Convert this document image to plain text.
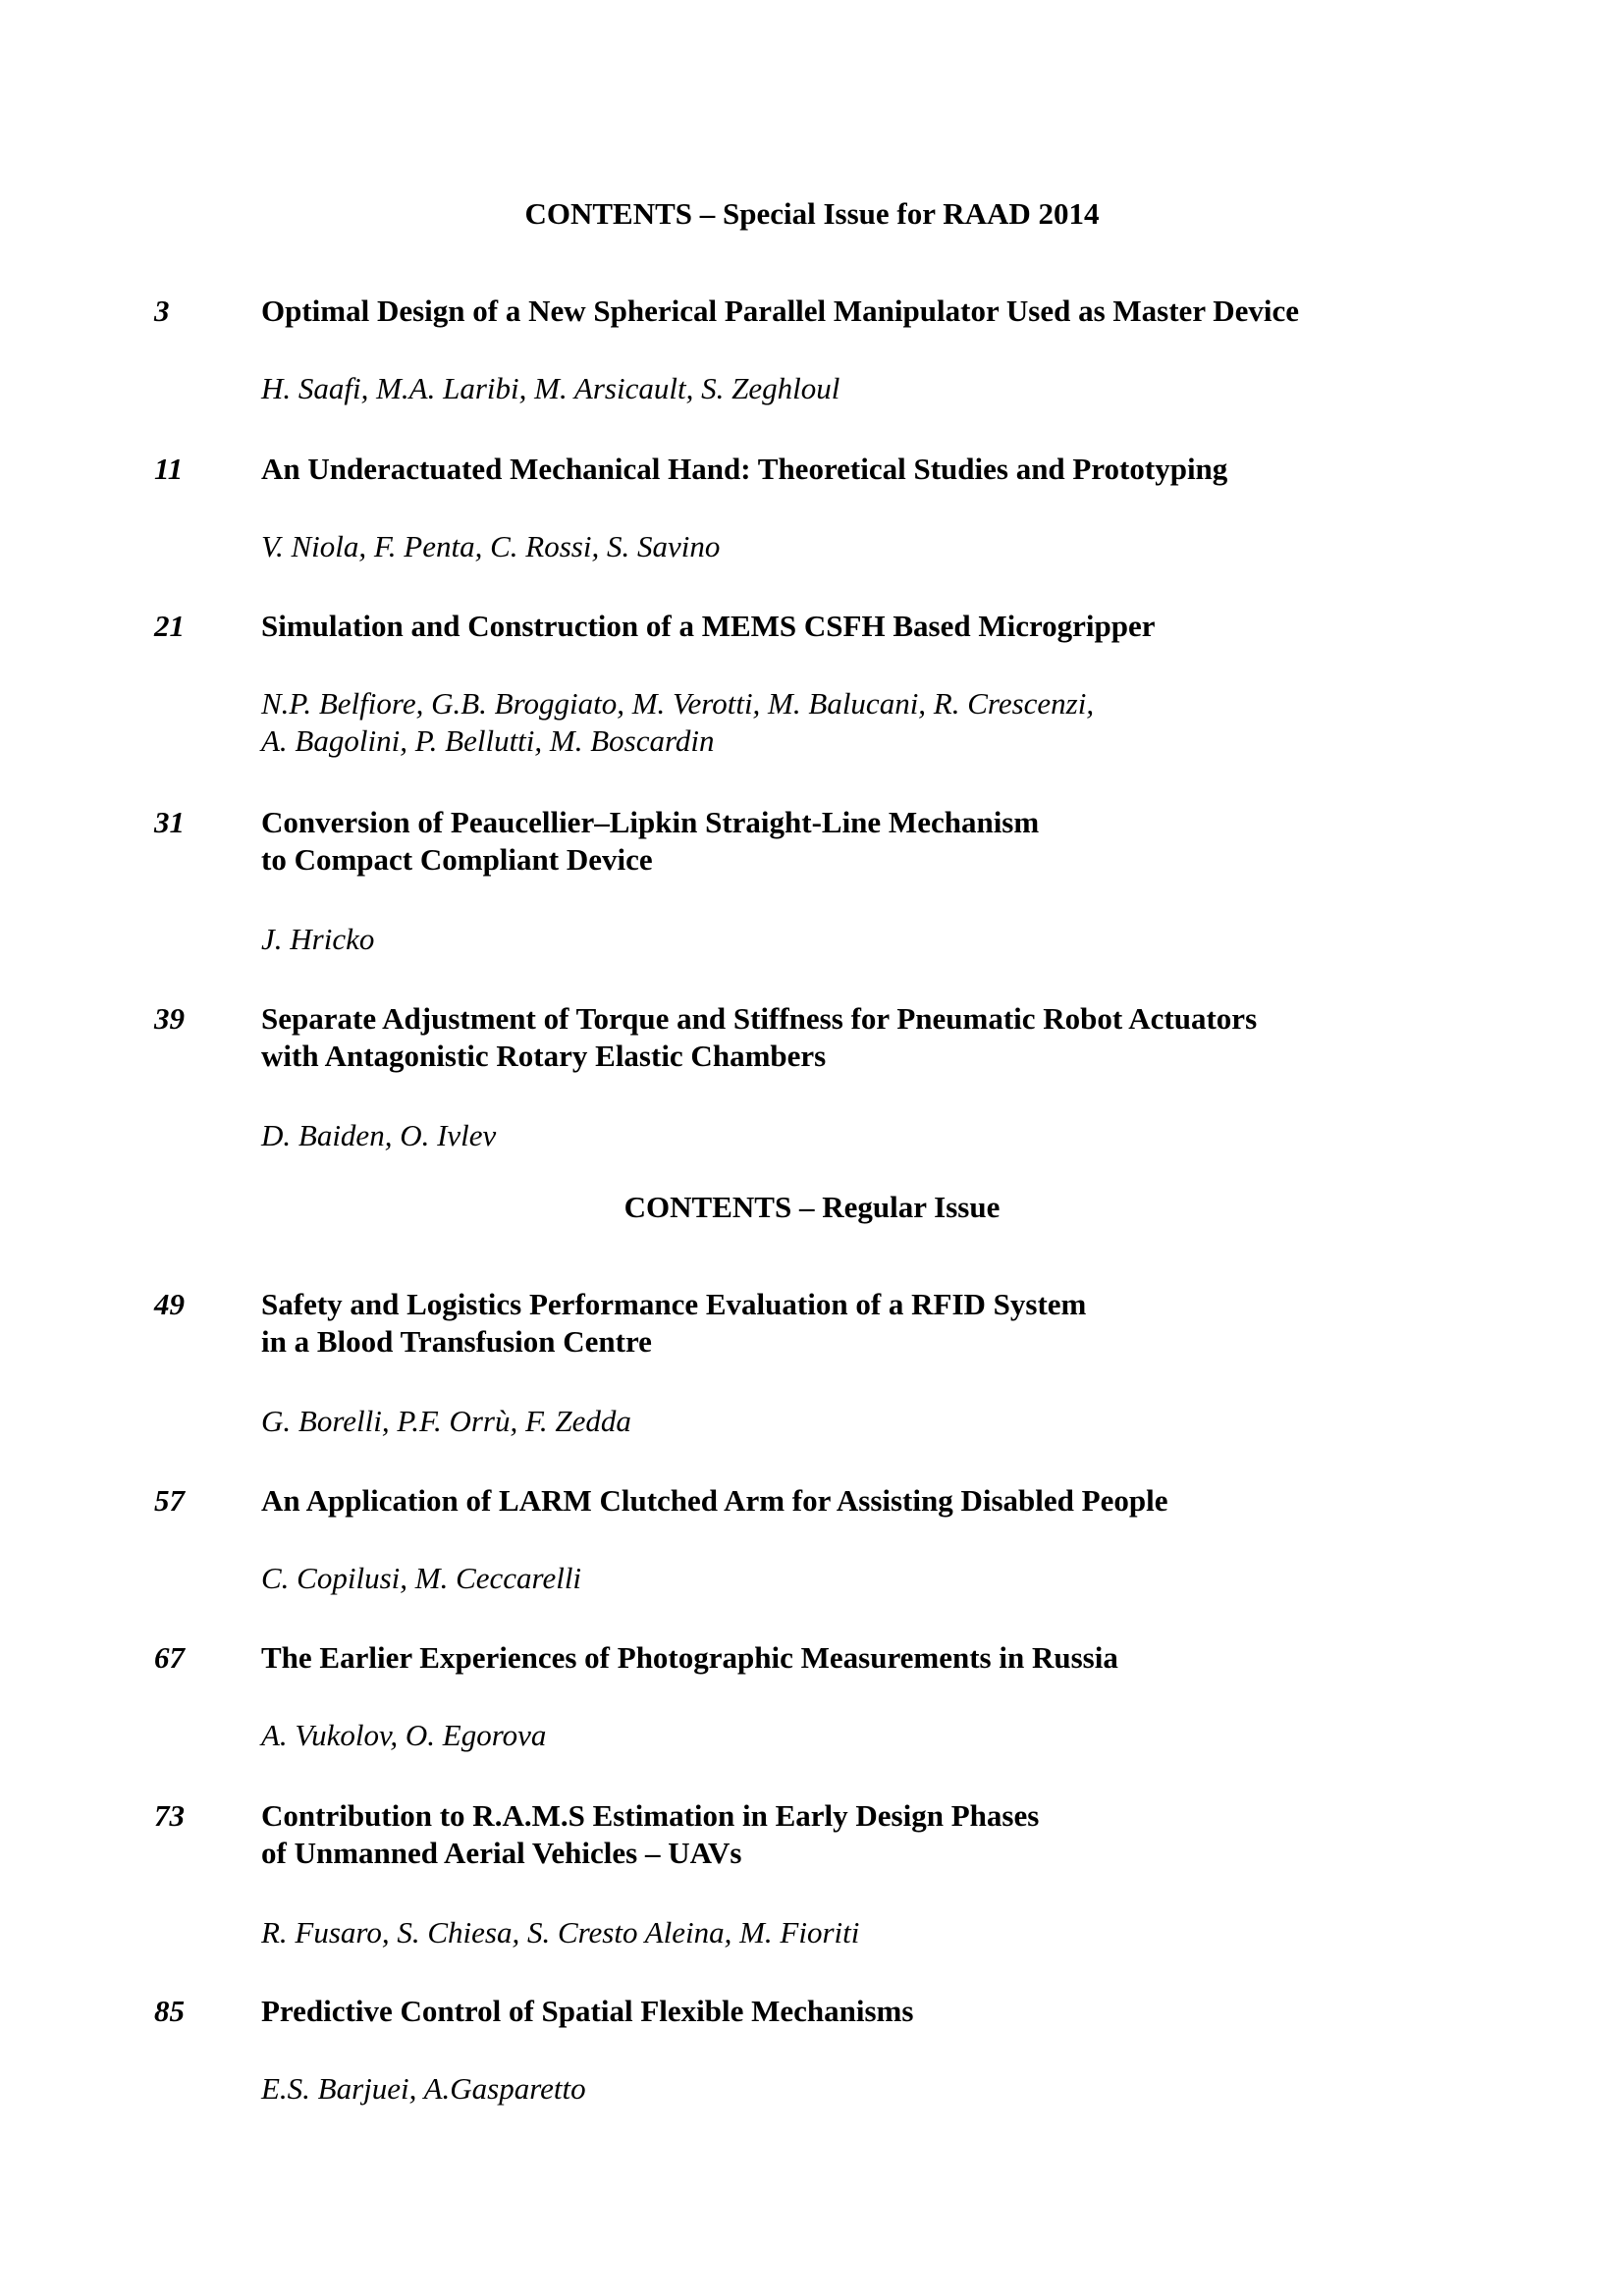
CONTENTS – Special Issue for RAAD 2014
3	Optimal Design of a New Spherical Parallel Manipulator Used as Master Device
H. Saafi, M.A. Laribi, M. Arsicault, S. Zeghloul
11	An Underactuated Mechanical Hand: Theoretical Studies and Prototyping
V. Niola, F. Penta, C. Rossi, S. Savino
21	Simulation and Construction of a MEMS CSFH Based Microgripper
N.P. Belfiore, G.B. Broggiato, M. Verotti, M. Balucani, R. Crescenzi,
A. Bagolini, P. Bellutti, M. Boscardin
31	Conversion of Peaucellier–Lipkin Straight-Line Mechanism
to Compact Compliant Device
J. Hricko
39	Separate Adjustment of Torque and Stiffness for Pneumatic Robot Actuators
with Antagonistic Rotary Elastic Chambers
D. Baiden, O. Ivlev
CONTENTS – Regular Issue
49	Safety and Logistics Performance Evaluation of a RFID System
in a Blood Transfusion Centre
G. Borelli, P.F. Orrù, F. Zedda
57	An Application of LARM Clutched Arm for Assisting Disabled People
C. Copilusi, M. Ceccarelli
67	The Earlier Experiences of Photographic Measurements in Russia
A. Vukolov, O. Egorova
73	Contribution to R.A.M.S Estimation in Early Design Phases
of Unmanned Aerial Vehicles – UAVs
R. Fusaro, S. Chiesa, S. Cresto Aleina, M. Fioriti
85	Predictive Control of Spatial Flexible Mechanisms
E.S. Barjuei, A.Gasparetto
